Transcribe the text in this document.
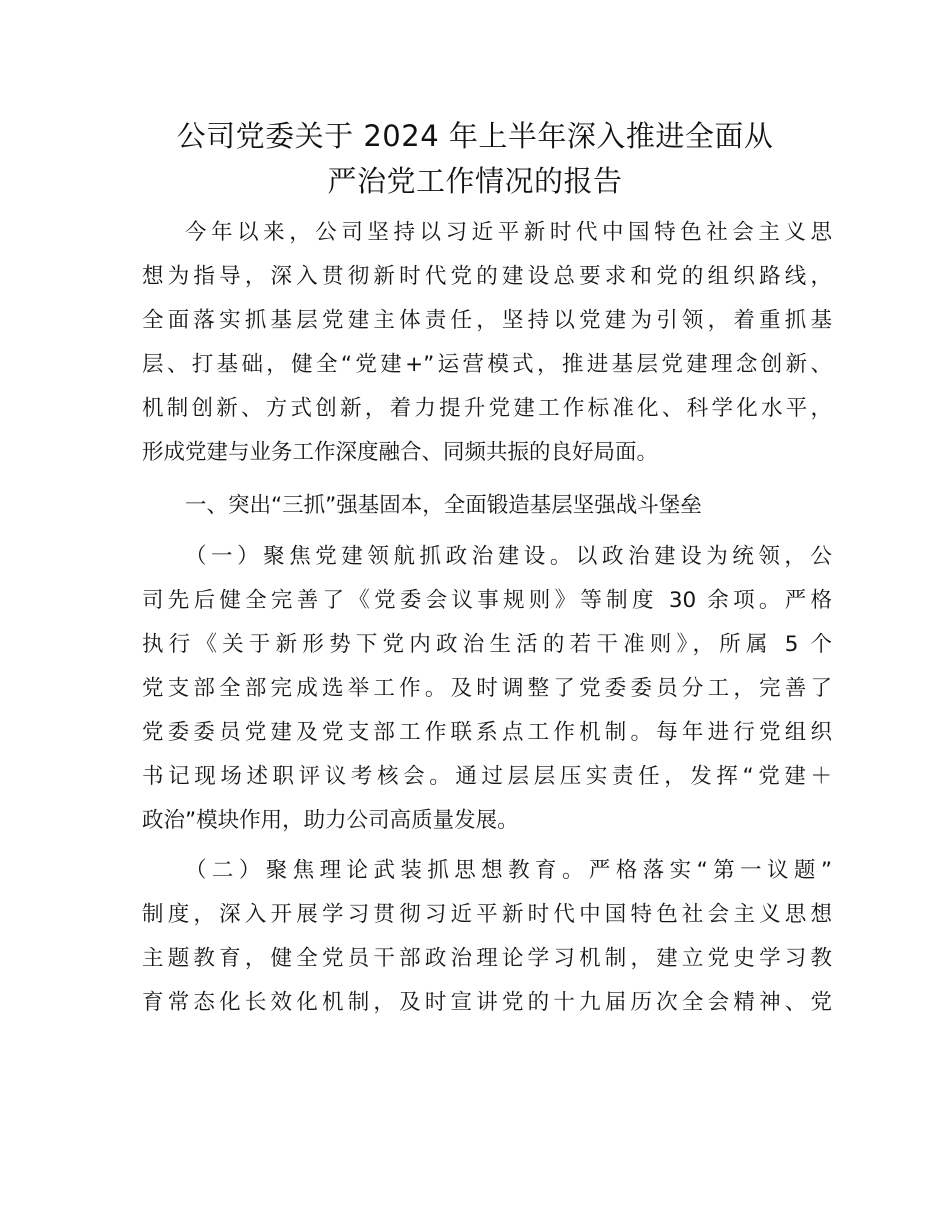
公司党委关于 2024 年上半年深入推进全面从
严治党工作情况的报告

今年以来，公司坚持以习近平新时代中国特色社会主义思

想为指导，深入贯彻新时代党的建设总要求和党的组织路线，

全面落实抓基层党建主体责任，坚持以党建为引领，着重抓基

层、打基础，健全“党建+”运营模式，推进基层党建理念创新、

机制创新、方式创新，着力提升党建工作标准化、科学化水平，

形成党建与业务工作深度融合、同频共振的良好局面。

一、突出“三抓”强基固本，全面锻造基层坚强战斗堡垒

（一）聚焦党建领航抓政治建设。以政治建设为统领，公

司先后健全完善了《党委会议事规则》等制度 30 余项。严格

执行《关于新形势下党内政治生活的若干准则》，所属 5 个

党支部全部完成选举工作。及时调整了党委委员分工，完善了

党委委员党建及党支部工作联系点工作机制。每年进行党组织

书记现场述职评议考核会。通过层层压实责任，发挥“党建＋

政治”模块作用，助力公司高质量发展。

（二）聚焦理论武装抓思想教育。严格落实“第一议题”

制度，深入开展学习贯彻习近平新时代中国特色社会主义思想

主题教育，健全党员干部政治理论学习机制，建立党史学习教

育常态化长效化机制，及时宣讲党的十九届历次全会精神、党
